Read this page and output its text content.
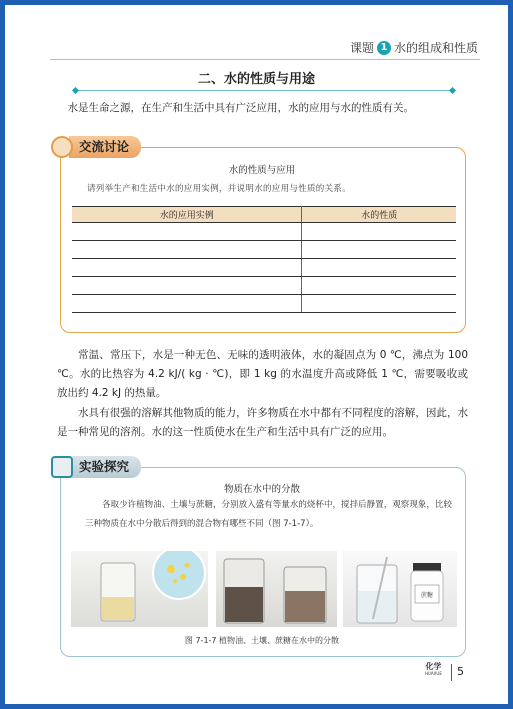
课题 1 水的组成和性质
二、水的性质与用途
水是生命之源，在生产和生活中具有广泛应用，水的应用与水的性质有关。
交流讨论
水的性质与应用
请列举生产和生活中水的应用实例，并说明水的应用与性质的关系。
水的应用实例	水的性质

常温、常压下，水是一种无色、无味的透明液体，水的凝固点为 0 ℃，沸点为 100 ℃。水的比热容为 4.2 kJ/( kg · ℃)，即 1 kg 的水温度升高或降低 1 ℃，需要吸收或放出约 4.2 kJ 的热量。
水具有很强的溶解其他物质的能力，许多物质在水中都有不同程度的溶解，因此，水是一种常见的溶剂。水的这一性质使水在生产和生活中具有广泛的应用。
实验探究
物质在水中的分散
各取少许植物油、土壤与蔗糖，分别放入盛有等量水的烧杯中，搅拌后静置，观察现象，比较三种物质在水中分散后得到的混合物有哪些不同（图 7-1-7）。
蔗糖
图 7-1-7 植物油、土壤、蔗糖在水中的分散
化学
HUAXUE 5
